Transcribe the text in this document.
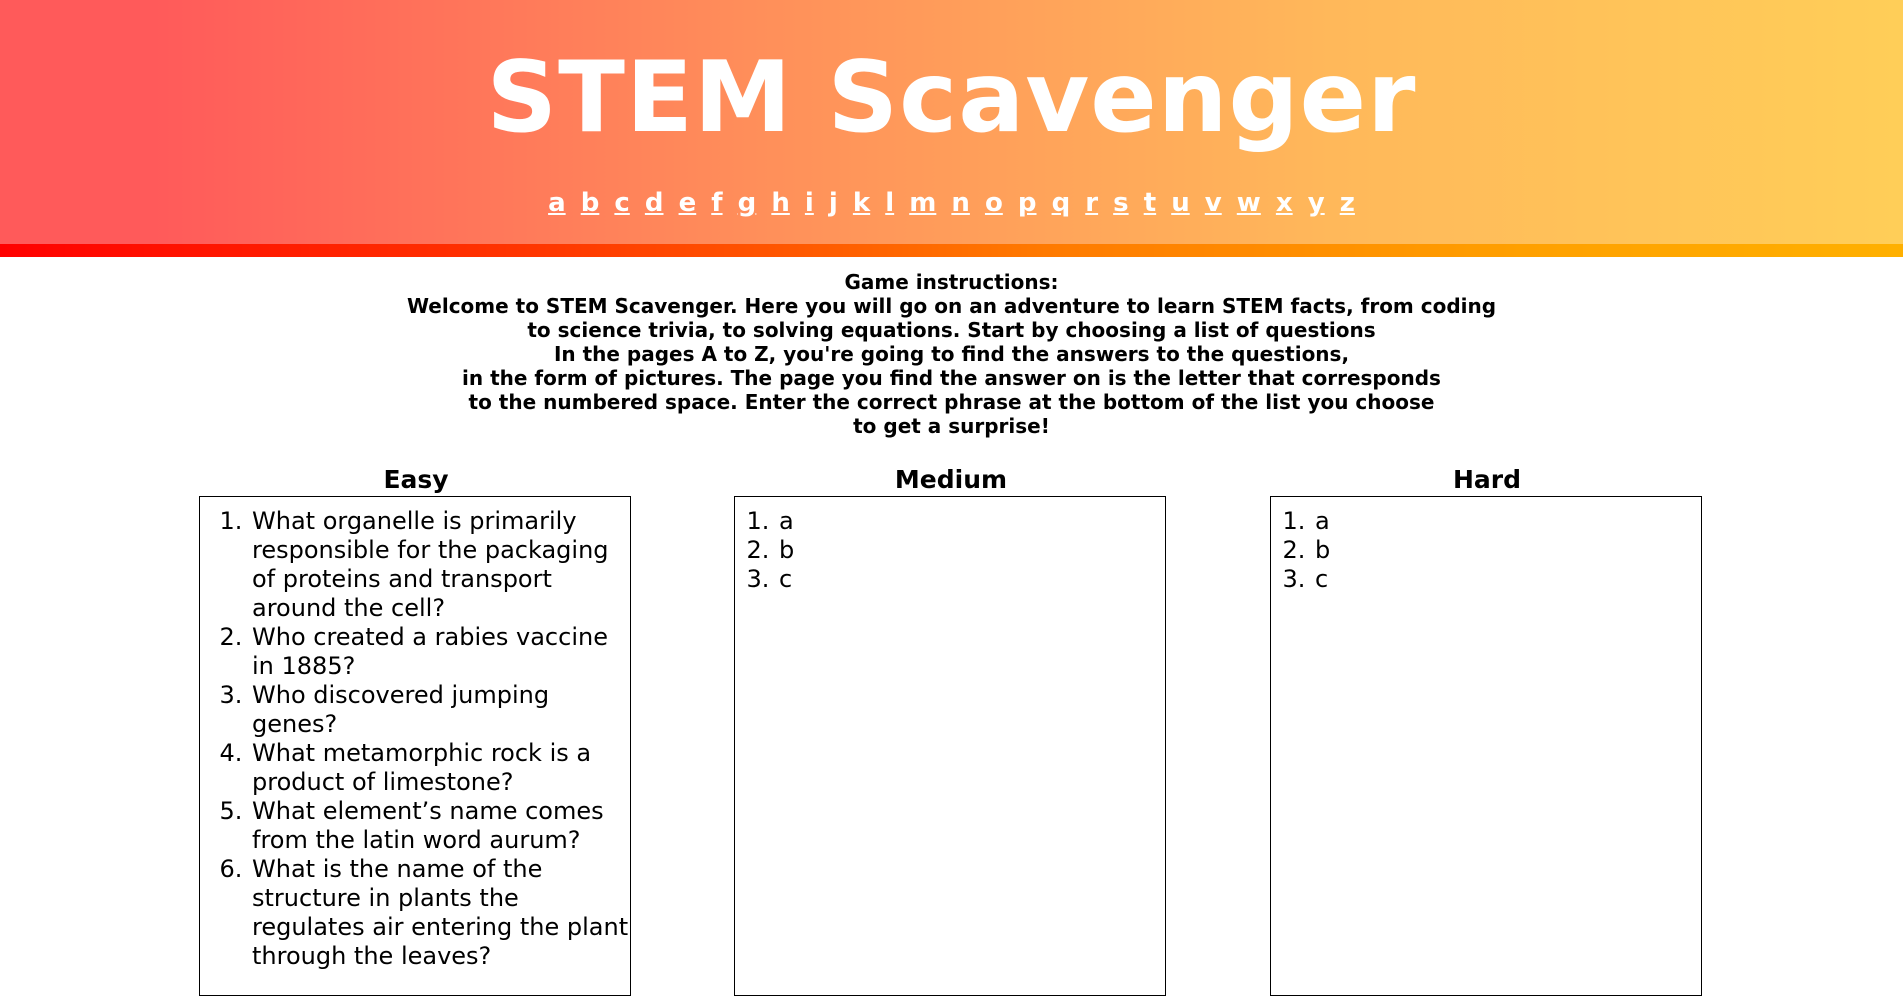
STEM Scavenger
a b c d e f g h i j k l m n o p q r s t u v w x y z
Game instructions:
Welcome to STEM Scavenger. Here you will go on an adventure to learn STEM facts, from coding
to science trivia, to solving equations. Start by choosing a list of questions
In the pages A to Z, you're going to find the answers to the questions,
in the form of pictures. The page you find the answer on is the letter that corresponds
to the numbered space. Enter the correct phrase at the bottom of the list you choose
to get a surprise!
Easy
1. What organelle is primarily responsible for the packaging of proteins and transport around the cell?
2. Who created a rabies vaccine in 1885?
3. Who discovered jumping genes?
4. What metamorphic rock is a product of limestone?
5. What element’s name comes from the latin word aurum?
6. What is the name of the structure in plants the regulates air entering the plant through the leaves?
Medium
1. a
2. b
3. c
Hard
1. a
2. b
3. c
